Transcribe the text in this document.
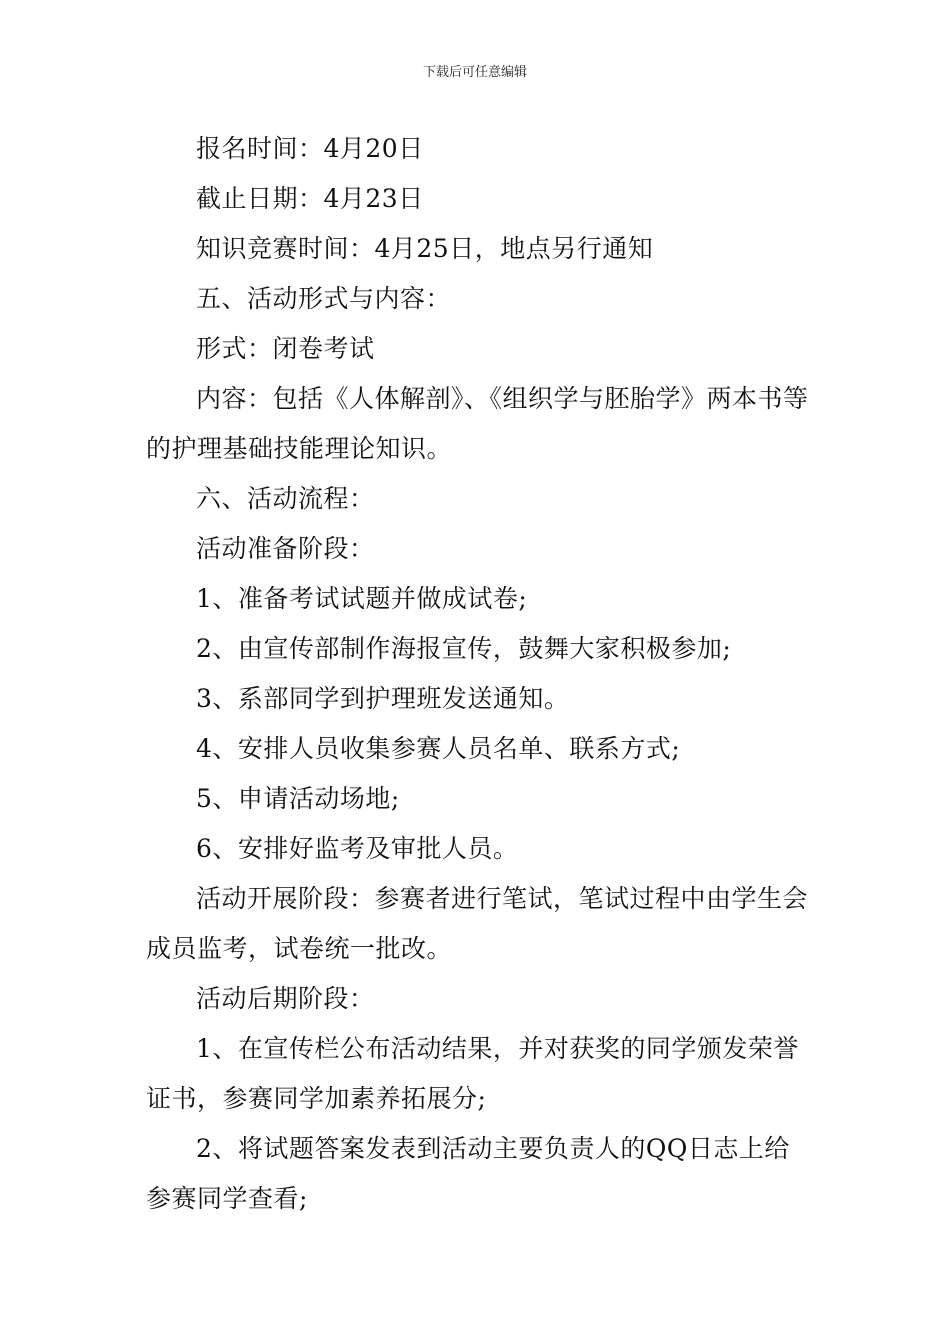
下载后可任意编辑

报名时间：4月20日

截止日期：4月23日

知识竞赛时间：4月25日，地点另行通知

五、活动形式与内容：

形式：闭卷考试

内容：包括《人体解剖》、《组织学与胚胎学》两本书等的护理基础技能理论知识。

六、活动流程：

活动准备阶段：

1、准备考试试题并做成试卷;

2、由宣传部制作海报宣传，鼓舞大家积极参加;

3、系部同学到护理班发送通知。

4、安排人员收集参赛人员名单、联系方式;

5、申请活动场地;

6、安排好监考及审批人员。

活动开展阶段：参赛者进行笔试，笔试过程中由学生会成员监考，试卷统一批改。

活动后期阶段：

1、在宣传栏公布活动结果，并对获奖的同学颁发荣誉证书，参赛同学加素养拓展分;

2、将试题答案发表到活动主要负责人的QQ日志上给参赛同学查看;
